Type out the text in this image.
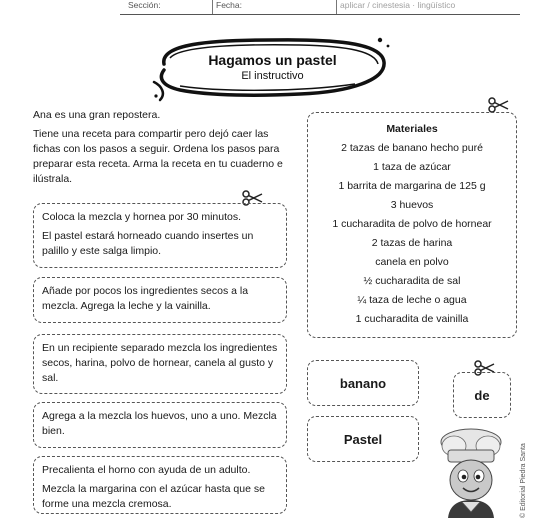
Sección:	Fecha:	aplicar / cinestesia · lingüístico
Hagamos un pastel
El instructivo

Ana es una gran repostera.

Tiene una receta para compartir pero dejó caer las fichas con los pasos a seguir. Ordena los pasos para preparar esta receta. Arma la receta en tu cuaderno e ilústrala.

Coloca la mezcla y hornea por 30 minutos.

El pastel estará horneado cuando insertes un palillo y este salga limpio.

Añade por pocos los ingredientes secos a la mezcla. Agrega la leche y la vainilla.

En un recipiente separado mezcla los ingredientes secos, harina, polvo de hornear, canela al gusto y sal.

Agrega a la mezcla los huevos, uno a uno. Mezcla bien.

Precalienta el horno con ayuda de un adulto.

Mezcla la margarina con el azúcar hasta que se forme una mezcla cremosa.

Materiales
2 tazas de banano hecho puré
1 taza de azúcar
1 barrita de margarina de 125 g
3 huevos
1 cucharadita de polvo de hornear
2 tazas de harina
canela en polvo
½ cucharadita de sal
¼ taza de leche o agua
1 cucharadita de vainilla
banano
de
Pastel
© Editorial Piedra Santa
